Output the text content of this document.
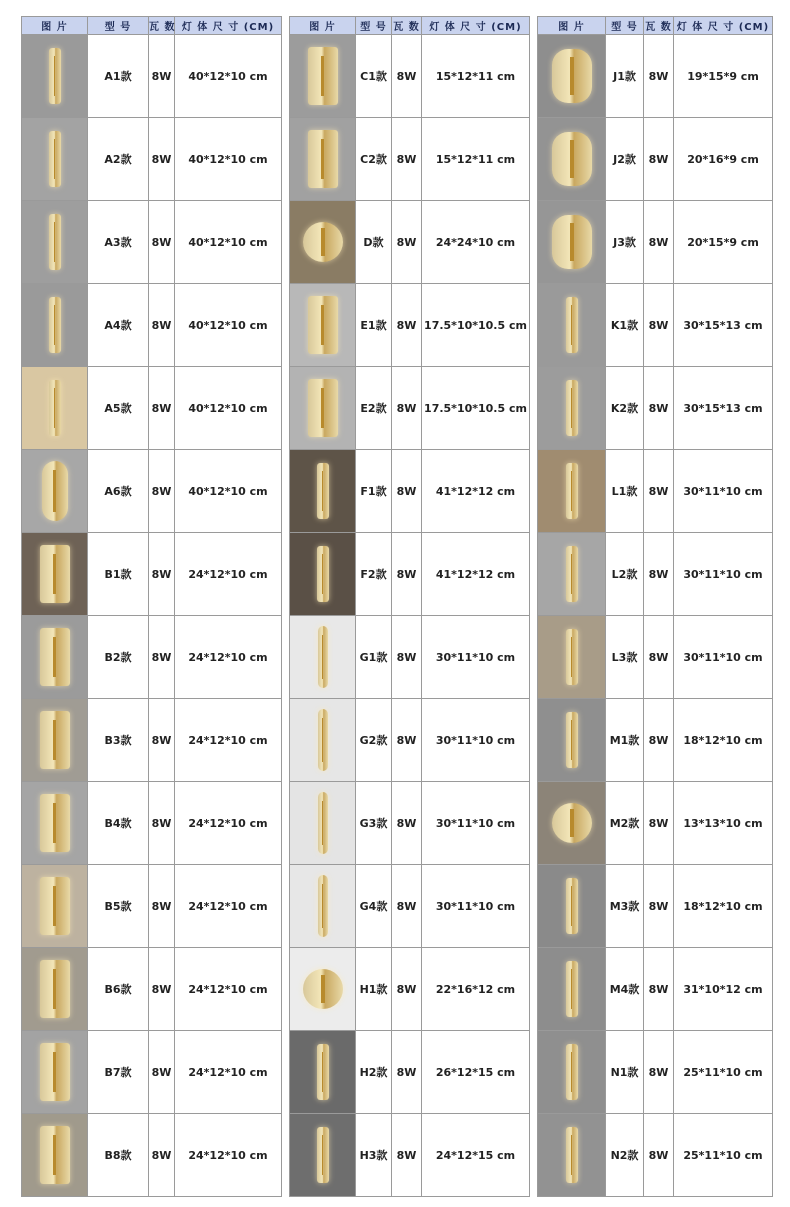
图 片	型 号	瓦 数	灯 体 尺 寸 (CM)

	A1款	8W	40*12*10 cm

	A2款	8W	40*12*10 cm

	A3款	8W	40*12*10 cm

	A4款	8W	40*12*10 cm

	A5款	8W	40*12*10 cm

	A6款	8W	40*12*10 cm

	B1款	8W	24*12*10 cm

	B2款	8W	24*12*10 cm

	B3款	8W	24*12*10 cm

	B4款	8W	24*12*10 cm

	B5款	8W	24*12*10 cm

	B6款	8W	24*12*10 cm

	B7款	8W	24*12*10 cm

	B8款	8W	24*12*10 cm
图 片	型 号	瓦 数	灯 体 尺 寸 (CM)

	C1款	8W	15*12*11 cm

	C2款	8W	15*12*11 cm

	D款	8W	24*24*10 cm

	E1款	8W	17.5*10*10.5 cm

	E2款	8W	17.5*10*10.5 cm

	F1款	8W	41*12*12 cm

	F2款	8W	41*12*12 cm

	G1款	8W	30*11*10 cm

	G2款	8W	30*11*10 cm

	G3款	8W	30*11*10 cm

	G4款	8W	30*11*10 cm

	H1款	8W	22*16*12 cm

	H2款	8W	26*12*15 cm

	H3款	8W	24*12*15 cm
图 片	型 号	瓦 数	灯 体 尺 寸 (CM)

	J1款	8W	19*15*9 cm

	J2款	8W	20*16*9 cm

	J3款	8W	20*15*9 cm

	K1款	8W	30*15*13 cm

	K2款	8W	30*15*13 cm

	L1款	8W	30*11*10 cm

	L2款	8W	30*11*10 cm

	L3款	8W	30*11*10 cm

	M1款	8W	18*12*10 cm

	M2款	8W	13*13*10 cm

	M3款	8W	18*12*10 cm

	M4款	8W	31*10*12 cm

	N1款	8W	25*11*10 cm

	N2款	8W	25*11*10 cm
